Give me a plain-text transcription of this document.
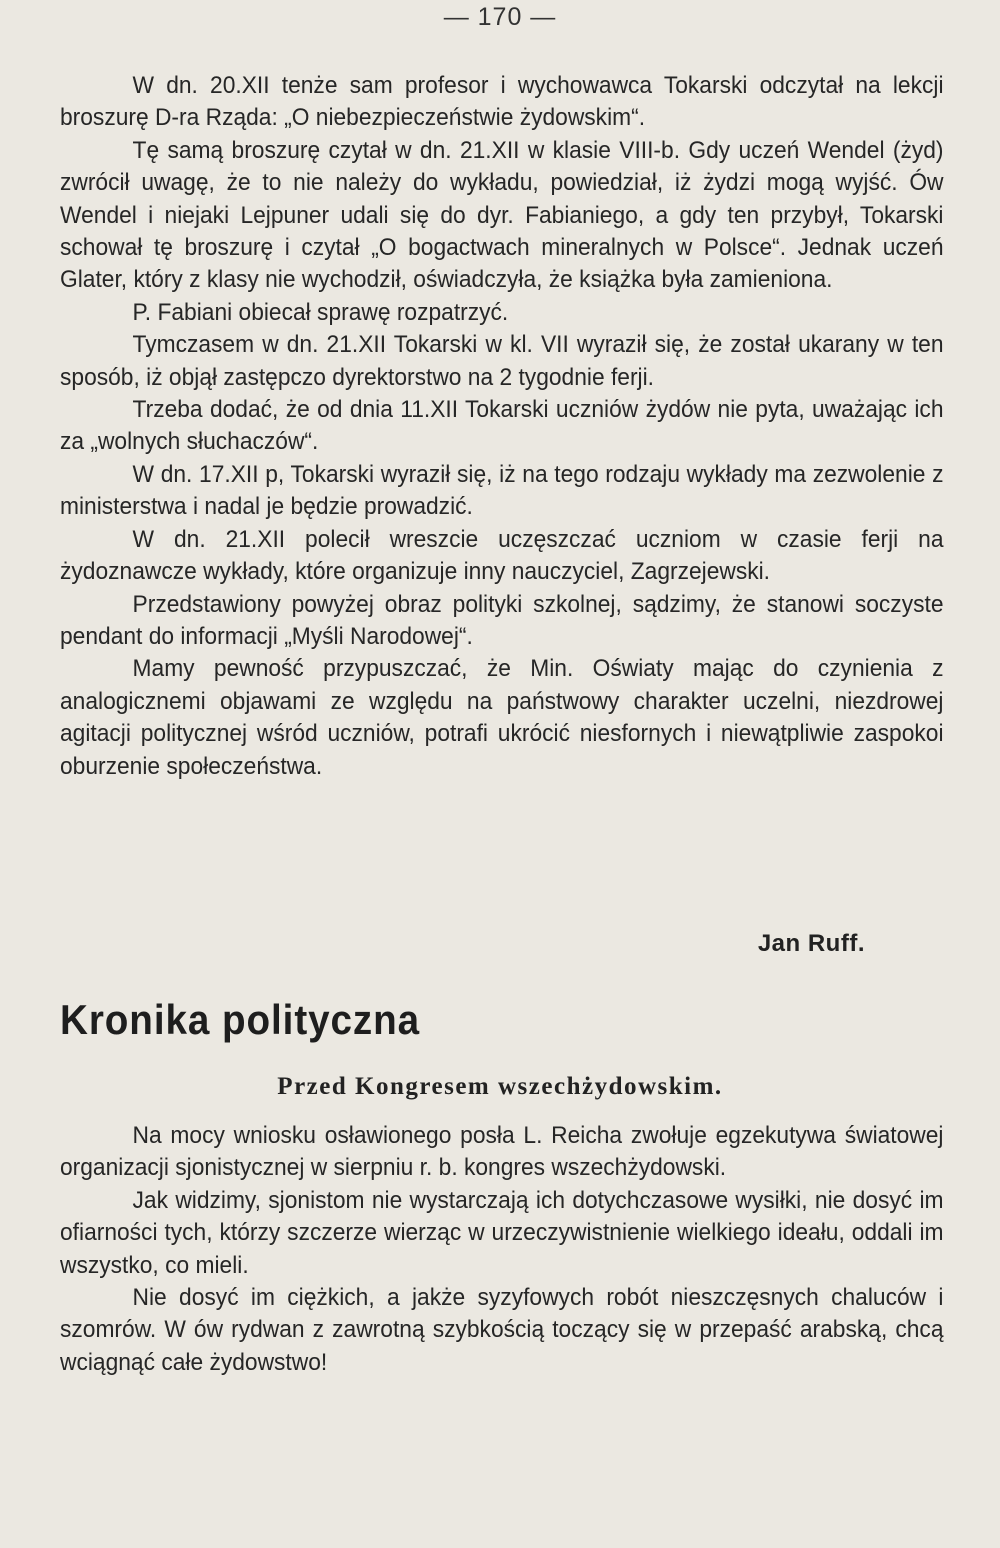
— 170 —

W dn. 20.XII tenże sam profesor i wychowawca Tokarski odczytał na lekcji broszurę D-ra Rząda: „O niebezpieczeństwie żydowskim“.

Tę samą broszurę czytał w dn. 21.XII w klasie VIII-b. Gdy uczeń Wendel (żyd) zwrócił uwagę, że to nie należy do wykładu, powiedział, iż żydzi mogą wyjść. Ów Wendel i niejaki Lejpuner udali się do dyr. Fabianiego, a gdy ten przybył, Tokarski schował tę broszurę i czytał „O bogactwach mineralnych w Polsce“. Jednak uczeń Glater, który z klasy nie wychodził, oświadczyła, że książka była zamieniona.

P. Fabiani obiecał sprawę rozpatrzyć.

Tymczasem w dn. 21.XII Tokarski w kl. VII wyraził się, że został ukarany w ten sposób, iż objął zastępczo dyrektorstwo na 2 tygodnie ferji.

Trzeba dodać, że od dnia 11.XII Tokarski uczniów żydów nie pyta, uważając ich za „wolnych słuchaczów“.

W dn. 17.XII p, Tokarski wyraził się, iż na tego rodzaju wykłady ma zezwolenie z ministerstwa i nadal je będzie prowadzić.

W dn. 21.XII polecił wreszcie uczęszczać uczniom w czasie ferji na żydoznawcze wykłady, które organizuje inny nauczyciel, Zagrzejewski.

Przedstawiony powyżej obraz polityki szkolnej, sądzimy, że stanowi soczyste pendant do informacji „Myśli Narodowej“.

Mamy pewność przypuszczać, że Min. Oświaty mając do czynienia z analogicznemi objawami ze względu na państwowy charakter uczelni, niezdrowej agitacji politycznej wśród uczniów, potrafi ukrócić niesfornych i niewątpliwie zaspokoi oburzenie społeczeństwa.

Jan Ruff.
Kronika polityczna
Przed Kongresem wszechżydowskim.

Na mocy wniosku osławionego posła L. Reicha zwołuje egzekutywa światowej organizacji sjonistycznej w sierpniu r. b. kongres wszechżydowski.

Jak widzimy, sjonistom nie wystarczają ich dotychczasowe wysiłki, nie dosyć im ofiarności tych, którzy szczerze wierząc w urzeczywistnienie wielkiego ideału, oddali im wszystko, co mieli.

Nie dosyć im ciężkich, a jakże syzyfowych robót nieszczęsnych chaluców i szomrów. W ów rydwan z zawrotną szybkością toczący się w przepaść arabską, chcą wciągnąć całe żydowstwo!
